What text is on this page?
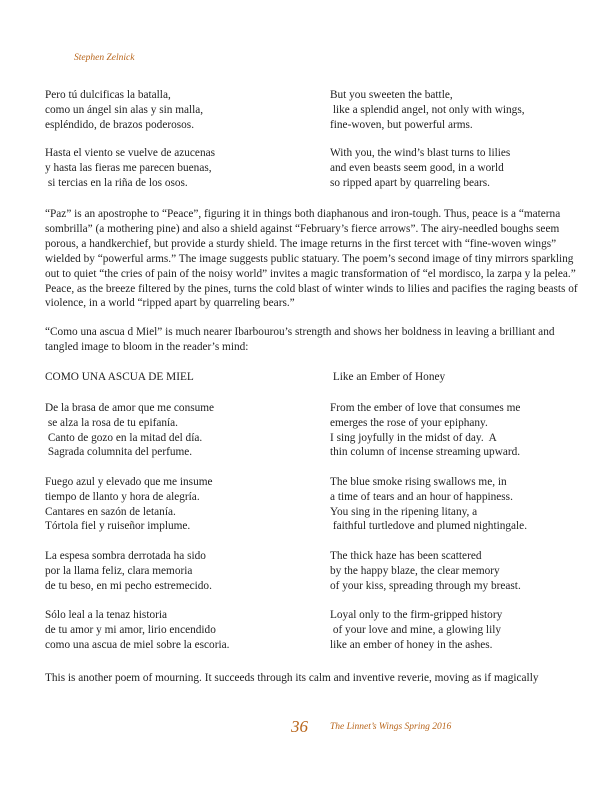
Stephen Zelnick
Pero tú dulcificas la batalla,
como un ángel sin alas y sin malla,
espléndido, de brazos poderosos.
But you sweeten the battle,
like a splendid angel, not only with wings,
fine-woven, but powerful arms.
Hasta el viento se vuelve de azucenas
y hasta las fieras me parecen buenas,
si tercias en la riña de los osos.
With you, the wind’s blast turns to lilies
and even beasts seem good, in a world
so ripped apart by quarreling bears.
“Paz” is an apostrophe to “Peace”, figuring it in things both diaphanous and iron-tough. Thus, peace is a “materna sombrilla” (a mothering pine) and also a shield against “February’s fierce arrows”. The airy-needled boughs seem porous, a handkerchief, but provide a sturdy shield. The image returns in the first tercet with “fine-woven wings” wielded by “powerful arms.” The image suggests public statuary. The poem’s second image of tiny mirrors sparkling out to quiet “the cries of pain of the noisy world” invites a magic transformation of “el mordisco, la zarpa y la pelea.” Peace, as the breeze filtered by the pines, turns the cold blast of winter winds to lilies and pacifies the raging beasts of violence, in a world “ripped apart by quarreling bears.”
“Como una ascua d Miel” is much nearer Ibarbourou’s strength and shows her boldness in leaving a brilliant and tangled image to bloom in the reader’s mind:
COMO UNA ASCUA DE MIEL	Like an Ember of Honey
De la brasa de amor que me consume
se alza la rosa de tu epifanía.
Canto de gozo en la mitad del día.
Sagrada columnita del perfume.
From the ember of love that consumes me
emerges the rose of your epiphany.
I sing joyfully in the midst of day.  A
thin column of incense streaming upward.
Fuego azul y elevado que me insume
tiempo de llanto y hora de alegría.
Cantares en sazón de letanía.
Tórtola fiel y ruiseñor implume.
The blue smoke rising swallows me, in
a time of tears and an hour of happiness.
You sing in the ripening litany, a
faithful turtledove and plumed nightingale.
La espesa sombra derrotada ha sido
por la llama feliz, clara memoria
de tu beso, en mi pecho estremecido.
The thick haze has been scattered
by the happy blaze, the clear memory
of your kiss, spreading through my breast.
Sólo leal a la tenaz historia
de tu amor y mi amor, lirio encendido
como una ascua de miel sobre la escoria.
Loyal only to the firm-gripped history
of your love and mine, a glowing lily
like an ember of honey in the ashes.
This is another poem of mourning. It succeeds through its calm and inventive reverie, moving as if magically
36 The Linnet’s Wings Spring 2016
